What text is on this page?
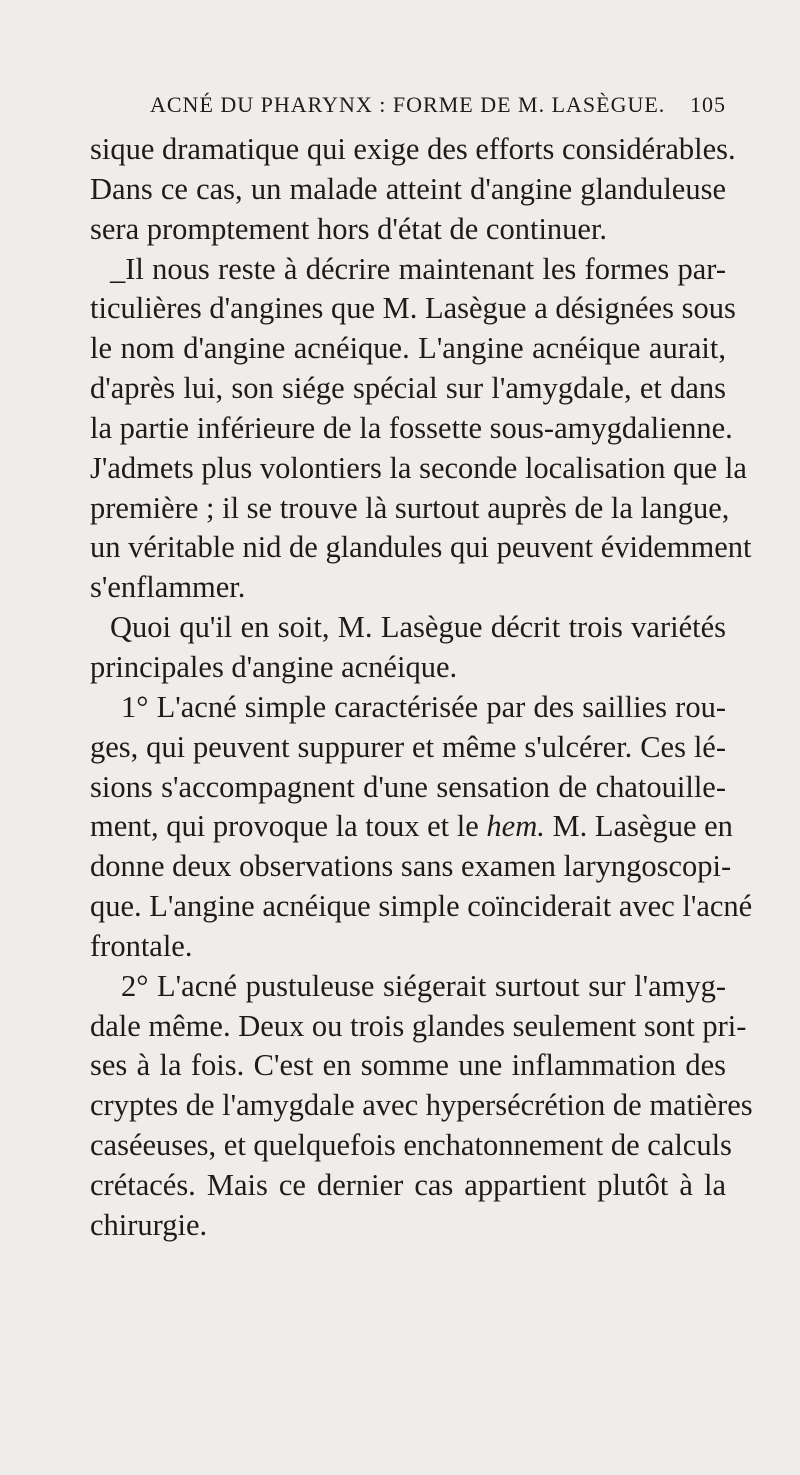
ACNÉ DU PHARYNX : FORME DE M. LASÈGUE. 105
sique dramatique qui exige des efforts considérables.
Dans ce cas, un malade atteint d'angine glanduleuse
sera promptement hors d'état de continuer.
_Il nous reste à décrire maintenant les formes par-
ticulières d'angines que M. Lasègue a désignées sous
le nom d'angine acnéique. L'angine acnéique aurait,
d'après lui, son siége spécial sur l'amygdale, et dans
la partie inférieure de la fossette sous-amygdalienne.
J'admets plus volontiers la seconde localisation que la
première ; il se trouve là surtout auprès de la langue,
un véritable nid de glandules qui peuvent évidemment
s'enflammer.
Quoi qu'il en soit, M. Lasègue décrit trois variétés
principales d'angine acnéique.
1° L'acné simple caractérisée par des saillies rou-
ges, qui peuvent suppurer et même s'ulcérer. Ces lé-
sions s'accompagnent d'une sensation de chatouille-
ment, qui provoque la toux et le hem. M. Lasègue en
donne deux observations sans examen laryngoscopi-
que. L'angine acnéique simple coïnciderait avec l'acné
frontale.
2° L'acné pustuleuse siégerait surtout sur l'amyg-
dale même. Deux ou trois glandes seulement sont pri-
ses à la fois. C'est en somme une inflammation des
cryptes de l'amygdale avec hypersécrétion de matières
caséeuses, et quelquefois enchatonnement de calculs
crétacés. Mais ce dernier cas appartient plutôt à la
chirurgie.
